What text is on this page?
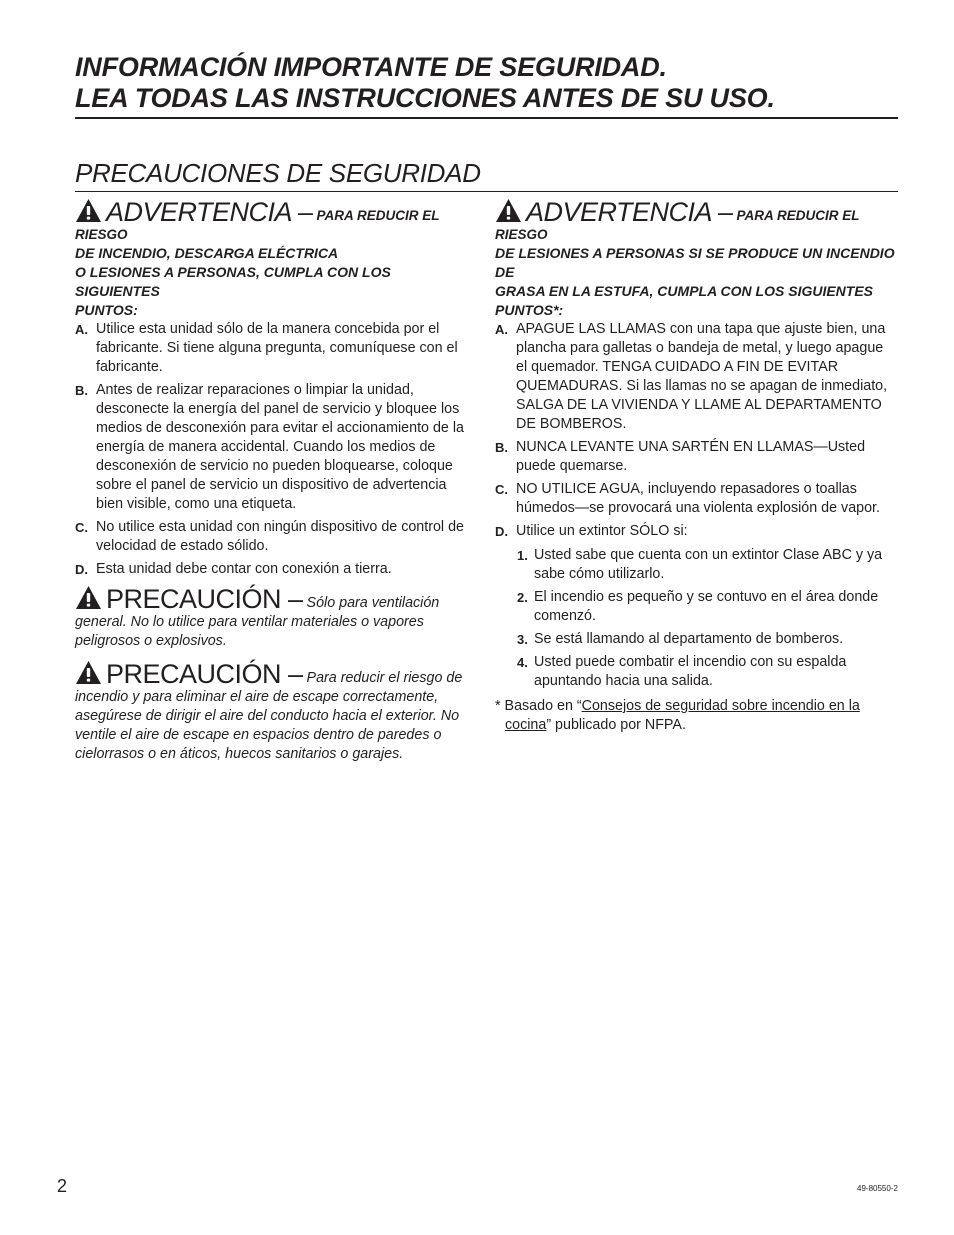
INFORMACIÓN IMPORTANTE DE SEGURIDAD.
LEA TODAS LAS INSTRUCCIONES ANTES DE SU USO.
PRECAUCIONES DE SEGURIDAD

ADVERTENCIA – PARA REDUCIR EL RIESGO
DE INCENDIO, DESCARGA ELÉCTRICA
O LESIONES A PERSONAS, CUMPLA CON LOS SIGUIENTES
PUNTOS:

A. Utilice esta unidad sólo de la manera concebida por el fabricante. Si tiene alguna pregunta, comuníquese con el fabricante.
B. Antes de realizar reparaciones o limpiar la unidad, desconecte la energía del panel de servicio y bloquee los medios de desconexión para evitar el accionamiento de la energía de manera accidental. Cuando los medios de desconexión de servicio no pueden bloquearse, coloque sobre el panel de servicio un dispositivo de advertencia bien visible, como una etiqueta.
C. No utilice esta unidad con ningún dispositivo de control de velocidad de estado sólido.
D. Esta unidad debe contar con conexión a tierra.

PRECAUCIÓN – Sólo para ventilación general. No lo utilice para ventilar materiales o vapores peligrosos o explosivos.

PRECAUCIÓN – Para reducir el riesgo de incendio y para eliminar el aire de escape correctamente, asegúrese de dirigir el aire del conducto hacia el exterior. No ventile el aire de escape en espacios dentro de paredes o cielorrasos o en áticos, huecos sanitarios o garajes.

ADVERTENCIA – PARA REDUCIR EL RIESGO
DE LESIONES A PERSONAS SI SE PRODUCE UN INCENDIO DE
GRASA EN LA ESTUFA, CUMPLA CON LOS SIGUIENTES
PUNTOS*:

A. APAGUE LAS LLAMAS con una tapa que ajuste bien, una plancha para galletas o bandeja de metal, y luego apague el quemador. TENGA CUIDADO A FIN DE EVITAR QUEMADURAS. Si las llamas no se apagan de inmediato, SALGA DE LA VIVIENDA Y LLAME AL DEPARTAMENTO DE BOMBEROS.
B. NUNCA LEVANTE UNA SARTÉN EN LLAMAS—Usted puede quemarse.
C. NO UTILICE AGUA, incluyendo repasadores o toallas húmedos—se provocará una violenta explosión de vapor.
D. Utilice un extintor SÓLO si:
1. Usted sabe que cuenta con un extintor Clase ABC y ya sabe cómo utilizarlo.
2. El incendio es pequeño y se contuvo en el área donde comenzó.
3. Se está llamando al departamento de bomberos.
4. Usted puede combatir el incendio con su espalda apuntando hacia una salida.

* Basado en “Consejos de seguridad sobre incendio en la cocina” publicado por NFPA.

2	49-80550-2
